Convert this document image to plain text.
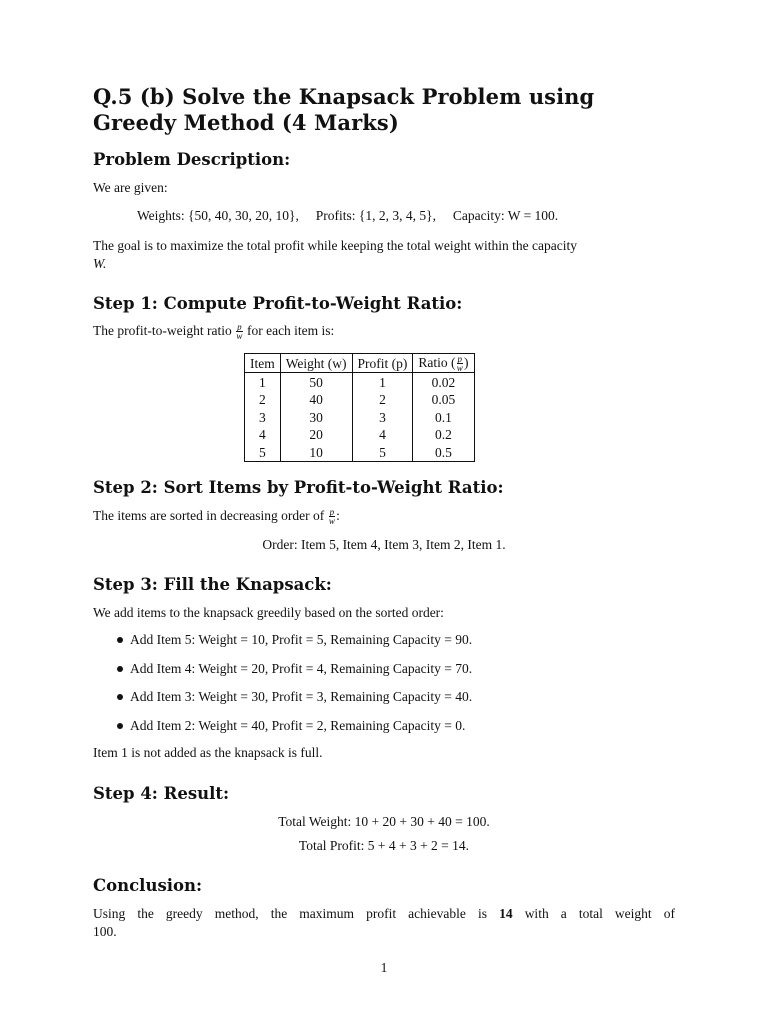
Q.5 (b) Solve the Knapsack Problem using Greedy Method (4 Marks)
Problem Description:
We are given:
Weights: {50, 40, 30, 20, 10},     Profits: {1, 2, 3, 4, 5},     Capacity: W = 100.
The goal is to maximize the total profit while keeping the total weight within the capacity
W.
Step 1: Compute Profit-to-Weight Ratio:
The profit-to-weight ratio $\frac{p}{w}$ for each item is:
Item	Weight (w)	Profit (p)	Ratio ( $\frac{p}{w}$ )
1	50	1	0.02
2	40	2	0.05
3	30	3	0.1
4	20	4	0.2
5	10	5	0.5
Step 2: Sort Items by Profit-to-Weight Ratio:
The items are sorted in decreasing order of $\frac{p}{w}$ :
Order: Item 5, Item 4, Item 3, Item 2, Item 1.
Step 3: Fill the Knapsack:
We add items to the knapsack greedily based on the sorted order:
Add Item 5: Weight = 10, Profit = 5, Remaining Capacity = 90.
Add Item 4: Weight = 20, Profit = 4, Remaining Capacity = 70.
Add Item 3: Weight = 30, Profit = 3, Remaining Capacity = 40.
Add Item 2: Weight = 40, Profit = 2, Remaining Capacity = 0.
Item 1 is not added as the knapsack is full.
Step 4: Result:
Total Weight: 10 + 20 + 30 + 40 = 100.
Total Profit: 5 + 4 + 3 + 2 = 14.
Conclusion:
Using the greedy method, the maximum profit achievable is 14 with a total weight of
100.
1
